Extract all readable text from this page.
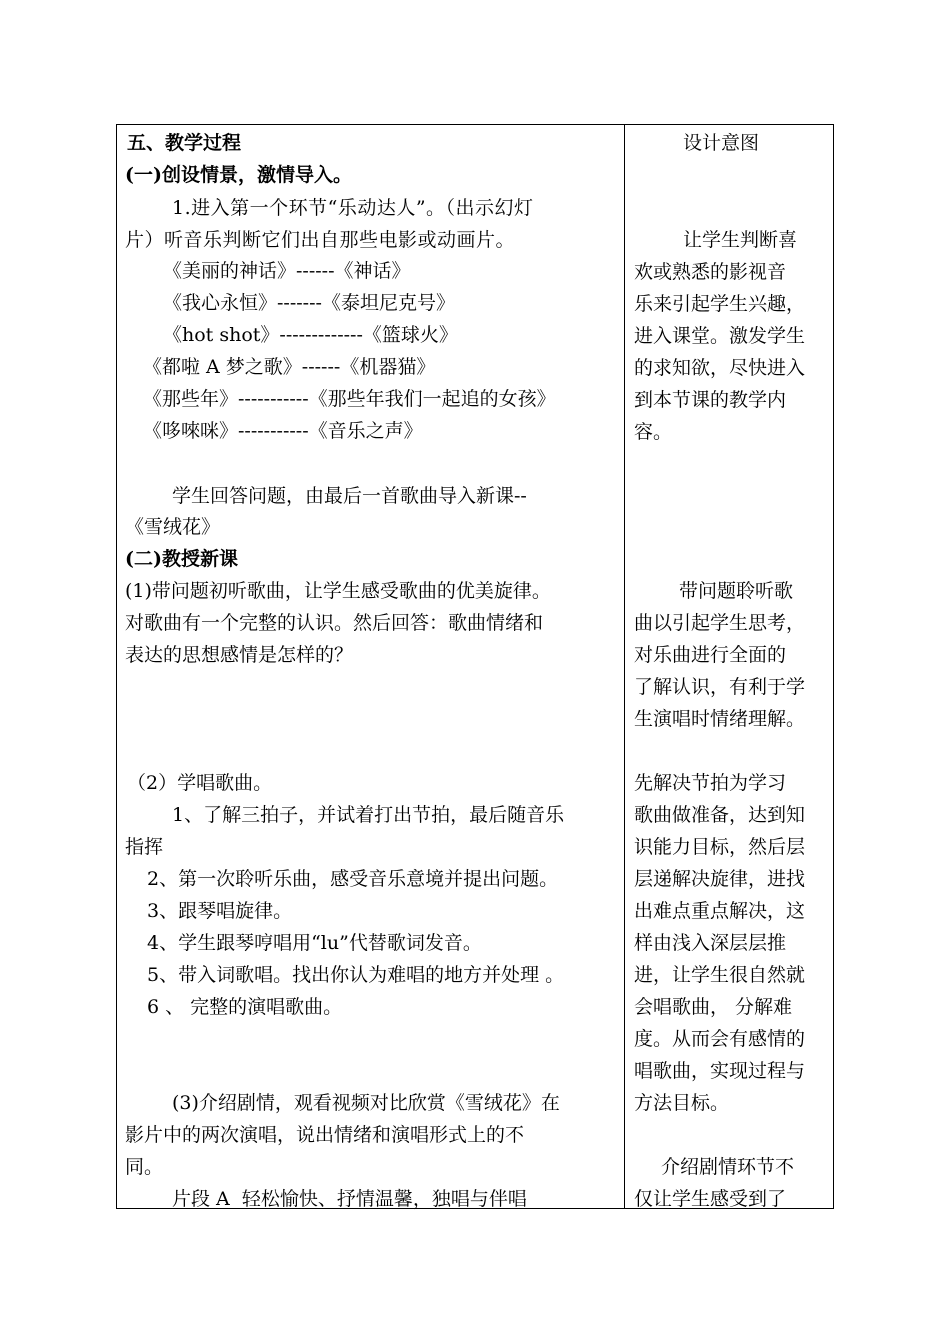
五、教学过程
(一)创设情景，激情导入。
1.进入第一个环节“乐动达人”。（出示幻灯
片）听音乐判断它们出自那些电影或动画片。
《美丽的神话》------《神话》
《我心永恒》-------《泰坦尼克号》
《hot shot》-------------《篮球火》
《都啦 A 梦之歌》------《机器猫》
《那些年》-----------《那些年我们一起追的女孩》
《哆唻咪》-----------《音乐之声》
学生回答问题，由最后一首歌曲导入新课--
《雪绒花》
(二)教授新课
(1)带问题初听歌曲，让学生感受歌曲的优美旋律。
对歌曲有一个完整的认识。然后回答：歌曲情绪和
表达的思想感情是怎样的？
（2）学唱歌曲。
1、了解三拍子，并试着打出节拍，最后随音乐
指挥
2、第一次聆听乐曲，感受音乐意境并提出问题。
3、跟琴唱旋律。
4、学生跟琴哼唱用“lu”代替歌词发音。
5、带入词歌唱。找出你认为难唱的地方并处理 。
6 、 完整的演唱歌曲。
(3)介绍剧情，观看视频对比欣赏《雪绒花》在
影片中的两次演唱，说出情绪和演唱形式上的不
同。
片段 A  轻松愉快、抒情温馨，独唱与伴唱
设计意图
让学生判断喜
欢或熟悉的影视音
乐来引起学生兴趣，
进入课堂。激发学生
的求知欲，尽快进入
到本节课的教学内
容。
带问题聆听歌
曲以引起学生思考，
对乐曲进行全面的
了解认识，有利于学
生演唱时情绪理解。
先解决节拍为学习
歌曲做准备，达到知
识能力目标，然后层
层递解决旋律，进找
出难点重点解决，这
样由浅入深层层推
进，让学生很自然就
会唱歌曲， 分解难
度。从而会有感情的
唱歌曲，实现过程与
方法目标。
介绍剧情环节不
仅让学生感受到了
